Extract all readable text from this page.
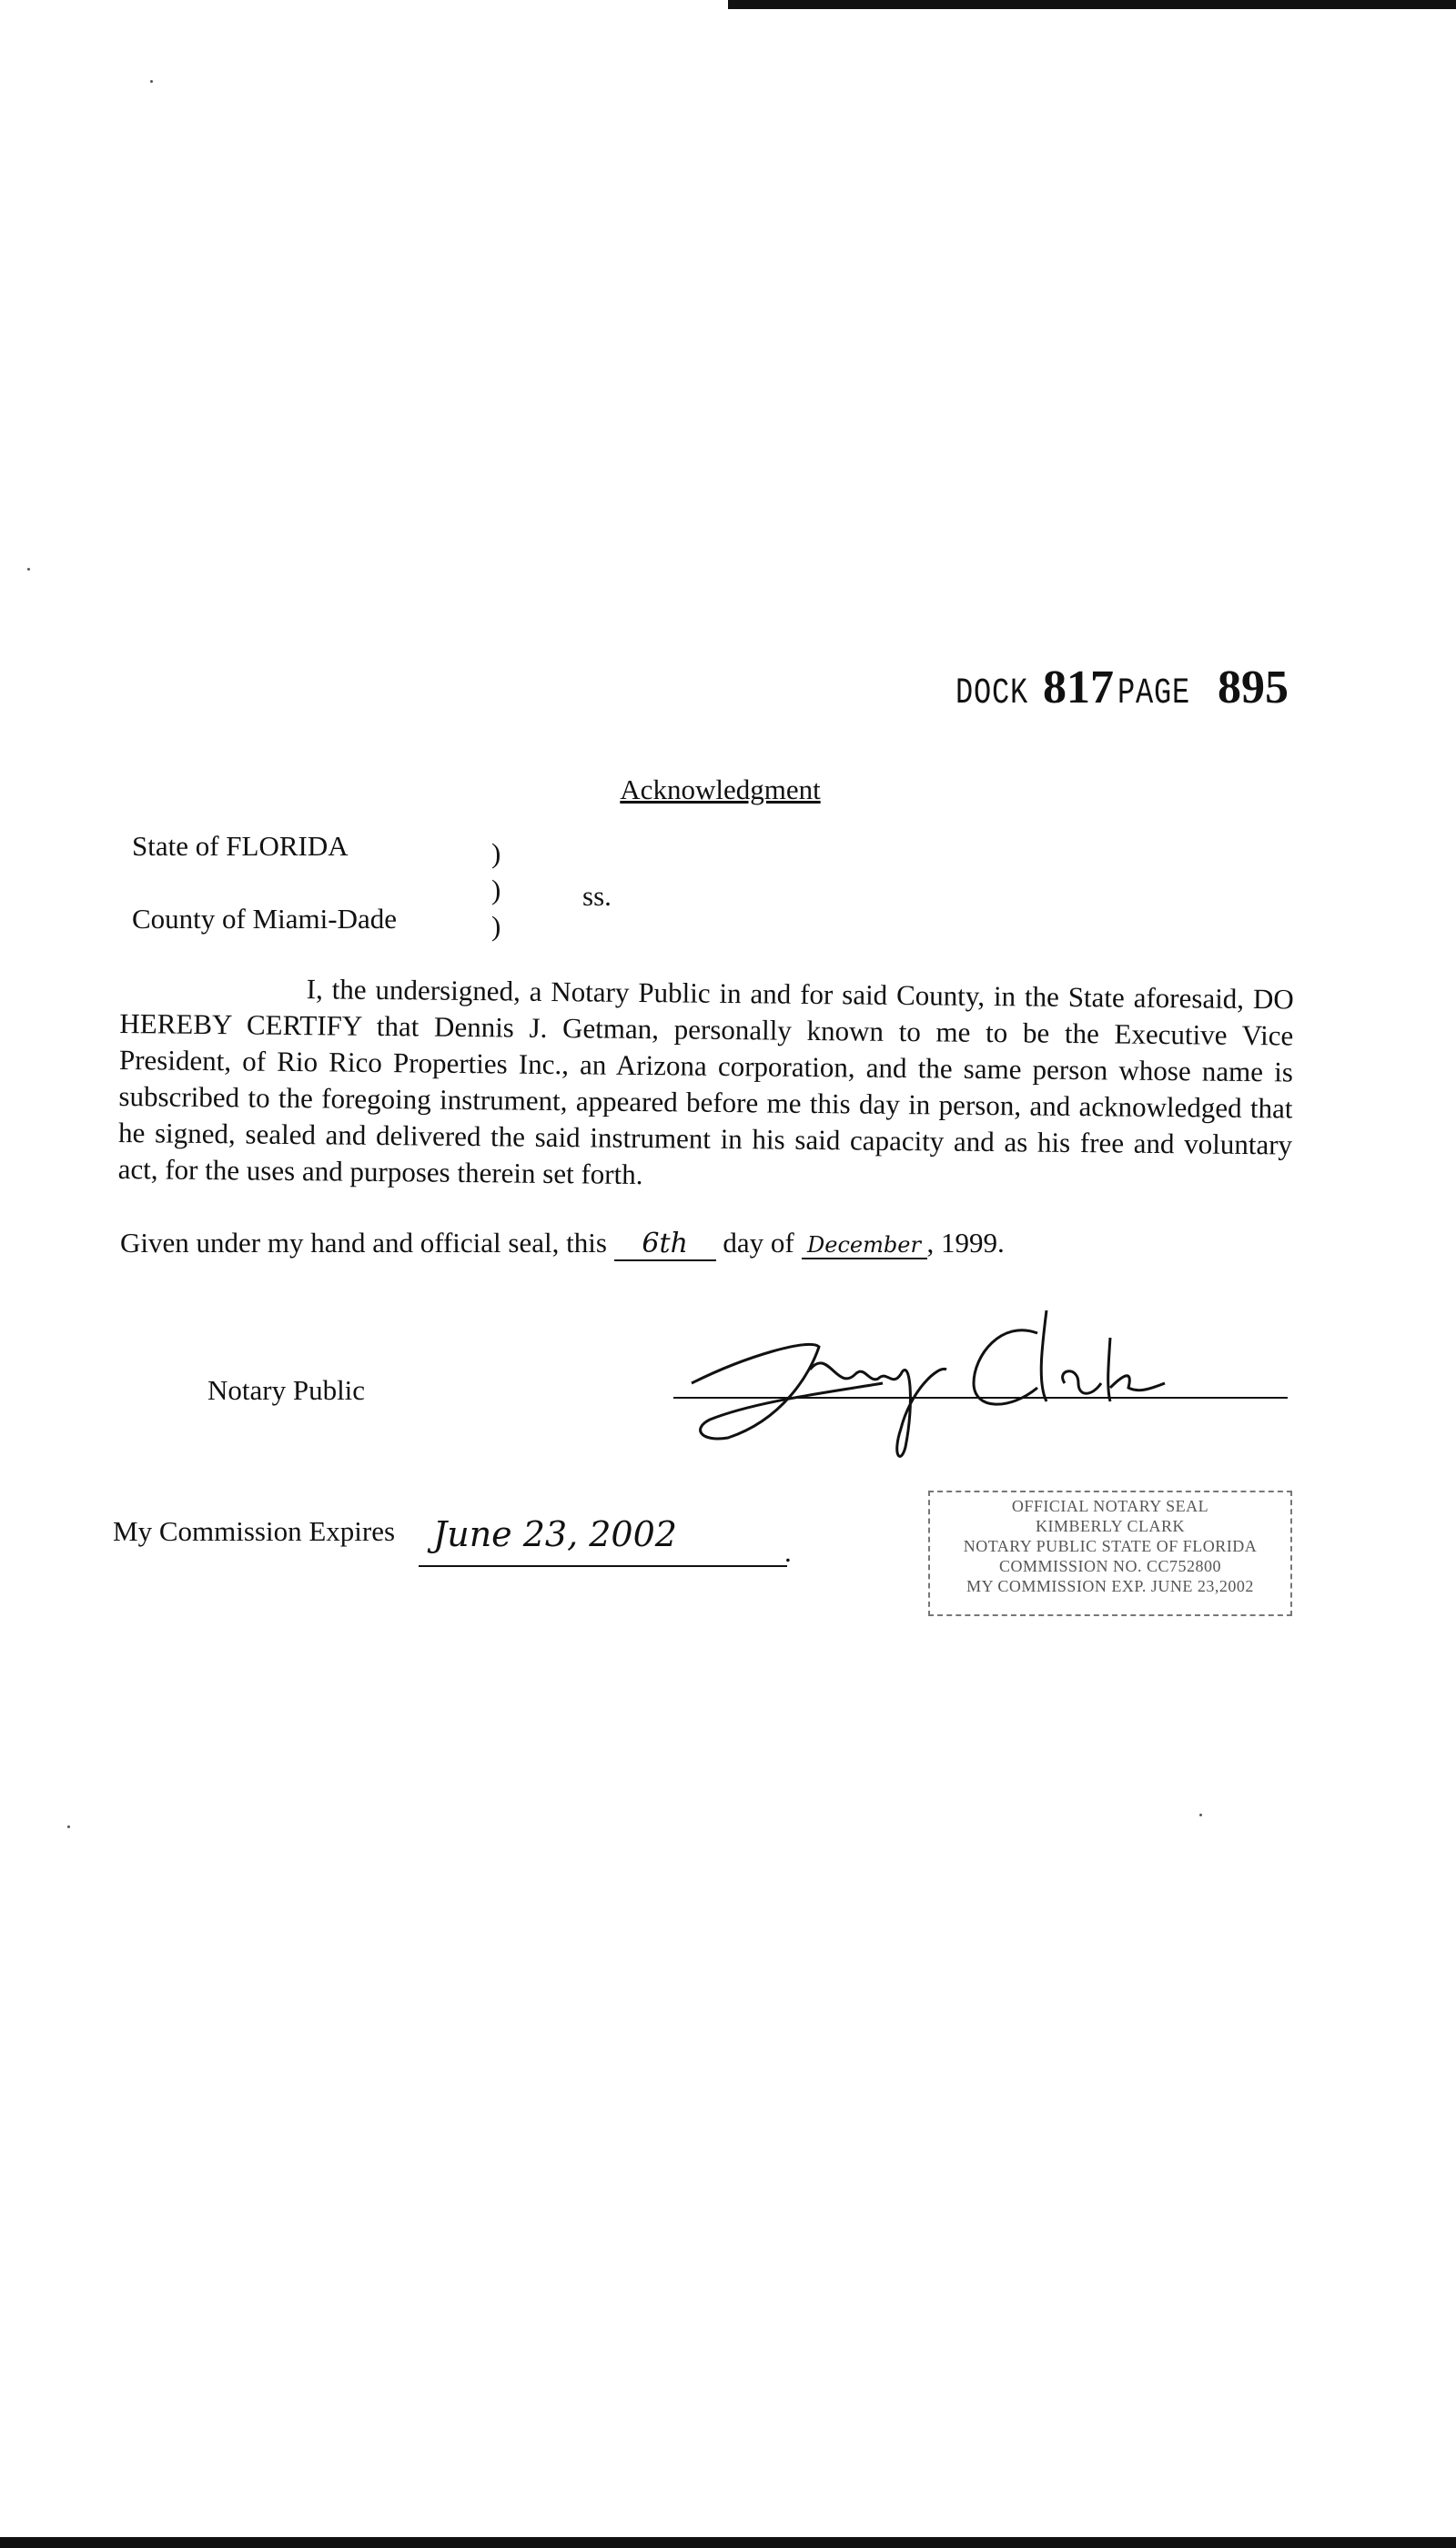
DOCK 817 PAGE 895
Acknowledgment
State of FLORIDA
County of Miami-Dade
)
)
)
ss.

I, the undersigned, a Notary Public in and for said County, in the State aforesaid, DO HEREBY CERTIFY that Dennis J. Getman, personally known to me to be the Executive Vice President, of Rio Rico Properties Inc., an Arizona corporation, and the same person whose name is subscribed to the foregoing instrument, appeared before me this day in person, and acknowledged that he signed, sealed and delivered the said instrument in his said capacity and as his free and voluntary act, for the uses and purposes therein set forth.

Given under my hand and official seal, this 6th day of December , 1999.
Notary Public
My Commission Expires June 23, 2002	.
OFFICIAL NOTARY SEAL
KIMBERLY CLARK
NOTARY PUBLIC STATE OF FLORIDA
COMMISSION NO. CC752800
MY COMMISSION EXP. JUNE 23,2002
